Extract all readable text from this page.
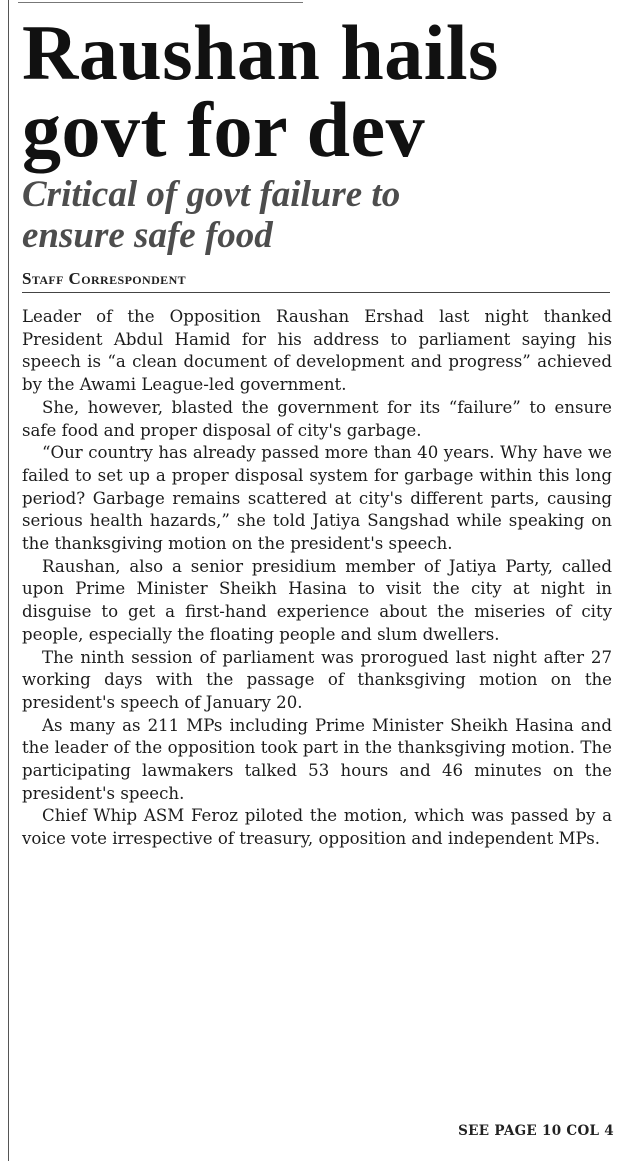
Raushan hails
govt for dev
Critical of govt failure to
ensure safe food
Staff Correspondent

Leader of the Opposition Raushan Ershad last night thanked President Abdul Hamid for his address to parliament saying his speech is “a clean document of development and progress” achieved by the Awami League-led government.

She, however, blasted the government for its “failure” to ensure safe food and proper disposal of city's garbage.

“Our country has already passed more than 40 years. Why have we failed to set up a proper disposal system for garbage within this long period? Garbage remains scattered at city's different parts, causing serious health hazards,” she told Jatiya Sangshad while speaking on the thanksgiving motion on the president's speech.

Raushan, also a senior presidium member of Jatiya Party, called upon Prime Minister Sheikh Hasina to visit the city at night in disguise to get a first-hand experience about the miseries of city people, especially the floating people and slum dwellers.

The ninth session of parliament was prorogued last night after 27 working days with the passage of thanksgiving motion on the president's speech of January 20.

As many as 211 MPs including Prime Minister Sheikh Hasina and the leader of the opposition took part in the thanksgiving motion. The participating lawmakers talked 53 hours and 46 minutes on the president's speech.

Chief Whip ASM Feroz piloted the motion, which was passed by a voice vote irrespective of treasury, opposition and independent MPs.

SEE PAGE 10 COL 4
